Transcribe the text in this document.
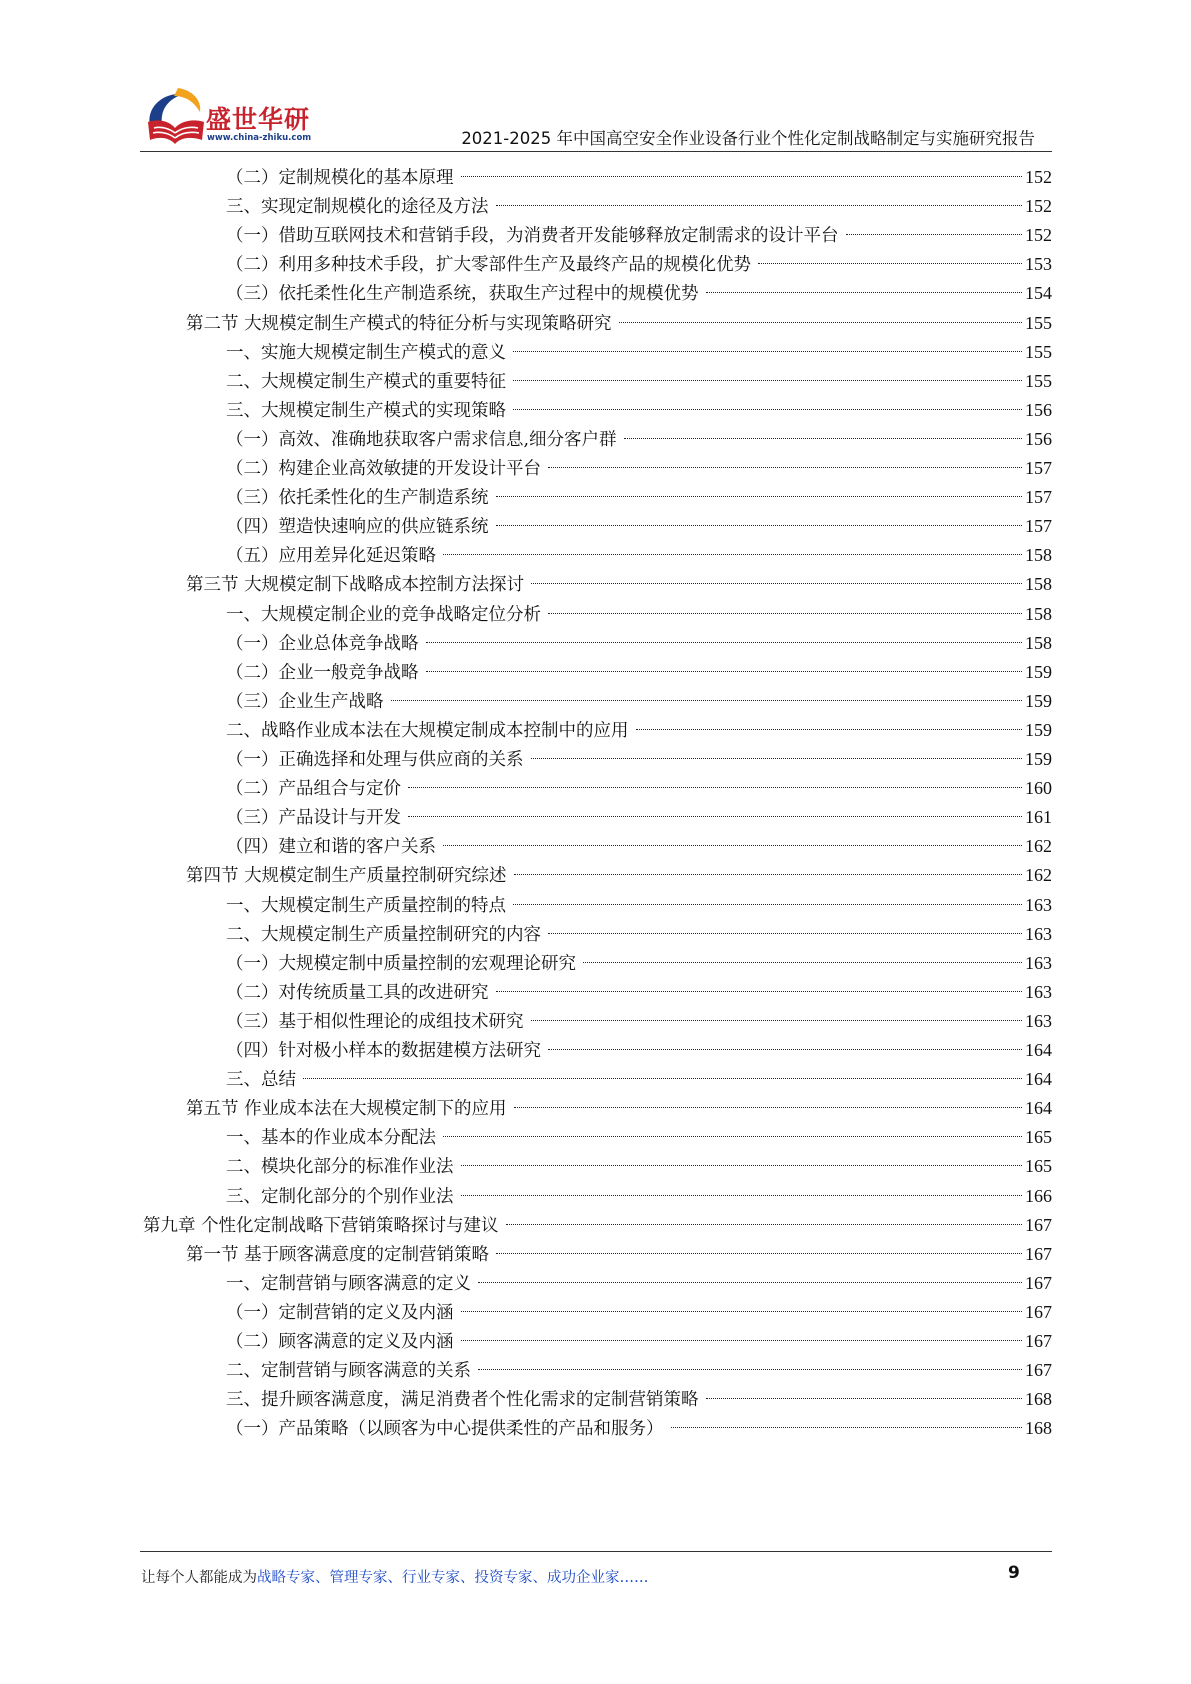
盛世华研
www.china-zhiku.com	2021-2025 年中国高空安全作业设备行业个性化定制战略制定与实施研究报告
（二）定制规模化的基本原理	152
三、实现定制规模化的途径及方法	152
（一）借助互联网技术和营销手段，为消费者开发能够释放定制需求的设计平台	152
（二）利用多种技术手段，扩大零部件生产及最终产品的规模化优势	153
（三）依托柔性化生产制造系统，获取生产过程中的规模优势	154
第二节 大规模定制生产模式的特征分析与实现策略研究	155
一、实施大规模定制生产模式的意义	155
二、大规模定制生产模式的重要特征	155
三、大规模定制生产模式的实现策略	156
（一）高效、准确地获取客户需求信息,细分客户群	156
（二）构建企业高效敏捷的开发设计平台	157
（三）依托柔性化的生产制造系统	157
（四）塑造快速响应的供应链系统	157
（五）应用差异化延迟策略	158
第三节 大规模定制下战略成本控制方法探讨	158
一、大规模定制企业的竞争战略定位分析	158
（一）企业总体竞争战略	158
（二）企业一般竞争战略	159
（三）企业生产战略	159
二、战略作业成本法在大规模定制成本控制中的应用	159
（一）正确选择和处理与供应商的关系	159
（二）产品组合与定价	160
（三）产品设计与开发	161
（四）建立和谐的客户关系	162
第四节 大规模定制生产质量控制研究综述	162
一、大规模定制生产质量控制的特点	163
二、大规模定制生产质量控制研究的内容	163
（一）大规模定制中质量控制的宏观理论研究	163
（二）对传统质量工具的改进研究	163
（三）基于相似性理论的成组技术研究	163
（四）针对极小样本的数据建模方法研究	164
三、总结	164
第五节 作业成本法在大规模定制下的应用	164
一、基本的作业成本分配法	165
二、模块化部分的标准作业法	165
三、定制化部分的个别作业法	166
第九章 个性化定制战略下营销策略探讨与建议	167
第一节 基于顾客满意度的定制营销策略	167
一、定制营销与顾客满意的定义	167
（一）定制营销的定义及内涵	167
（二）顾客满意的定义及内涵	167
二、定制营销与顾客满意的关系	167
三、提升顾客满意度，满足消费者个性化需求的定制营销策略	168
（一）产品策略（以顾客为中心提供柔性的产品和服务）	168
让每个人都能成为战略专家、管理专家、行业专家、投资专家、成功企业家……	9
